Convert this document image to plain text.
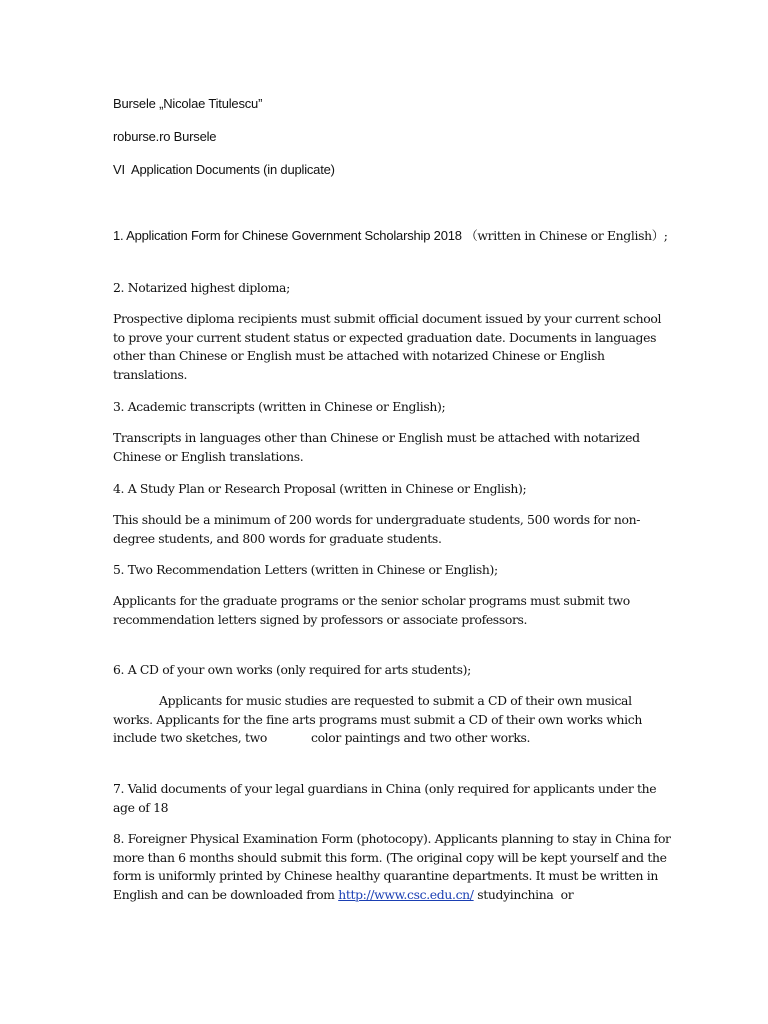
Bursele „Nicolae Titulescu”

roburse.ro Bursele

VI  Application Documents (in duplicate)

1. Application Form for Chinese Government Scholarship 2018 （written in Chinese or English）;

2. Notarized highest diploma;

Prospective diploma recipients must submit official document issued by your current school to prove your current student status or expected graduation date. Documents in languages other than Chinese or English must be attached with notarized Chinese or English translations.

3. Academic transcripts (written in Chinese or English);

Transcripts in languages other than Chinese or English must be attached with notarized Chinese or English translations.

4. A Study Plan or Research Proposal (written in Chinese or English);

This should be a minimum of 200 words for undergraduate students, 500 words for non-degree students, and 800 words for graduate students.

5. Two Recommendation Letters (written in Chinese or English);

Applicants for the graduate programs or the senior scholar programs must submit two recommendation letters signed by professors or associate professors.

6. A CD of your own works (only required for arts students);

Applicants for music studies are requested to submit a CD of their own musical works. Applicants for the fine arts programs must submit a CD of their own works which include two sketches, two	color paintings and two other works.

7. Valid documents of your legal guardians in China (only required for applicants under the age of 18

8. Foreigner Physical Examination Form (photocopy). Applicants planning to stay in China for more than 6 months should submit this form. (The original copy will be kept yourself and the form is uniformly printed by Chinese healthy quarantine departments. It must be written in English and can be downloaded from http://www.csc.edu.cn/ studyinchina  or
